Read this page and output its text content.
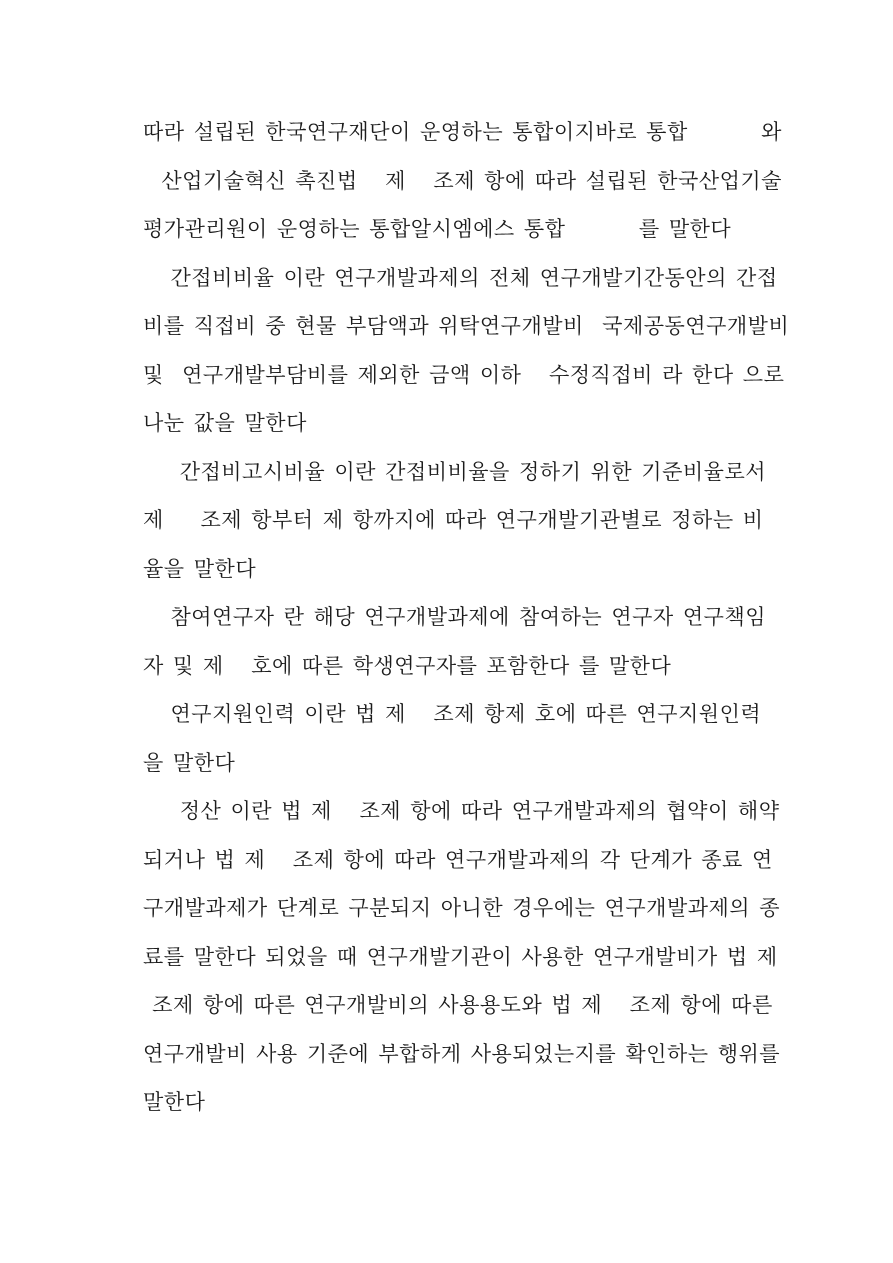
따라 설립된 한국연구재단이 운영하는 통합이지바로 통합        와
산업기술혁신 촉진법   제   조제 항에 따라 설립된 한국산업기술
평가관리원이 운영하는 통합알시엠에스 통합        를 말한다
간접비비율 이란 연구개발과제의 전체 연구개발기간동안의 간접
비를 직접비 중 현물 부담액과 위탁연구개발비  국제공동연구개발비
및  연구개발부담비를 제외한 금액 이하   수정직접비 라 한다 으로
나눈 값을 말한다
간접비고시비율 이란 간접비비율을 정하기 위한 기준비율로서
제    조제 항부터 제 항까지에 따라 연구개발기관별로 정하는 비
율을 말한다
참여연구자 란 해당 연구개발과제에 참여하는 연구자 연구책임
자 및 제   호에 따른 학생연구자를 포함한다 를 말한다
연구지원인력 이란 법 제   조제 항제 호에 따른 연구지원인력
을 말한다
정산 이란 법 제   조제 항에 따라 연구개발과제의 협약이 해약
되거나 법 제   조제 항에 따라 연구개발과제의 각 단계가 종료 연
구개발과제가 단계로 구분되지 아니한 경우에는 연구개발과제의 종
료를 말한다 되었을 때 연구개발기관이 사용한 연구개발비가 법 제
조제 항에 따른 연구개발비의 사용용도와 법 제   조제 항에 따른
연구개발비 사용 기준에 부합하게 사용되었는지를 확인하는 행위를
말한다
